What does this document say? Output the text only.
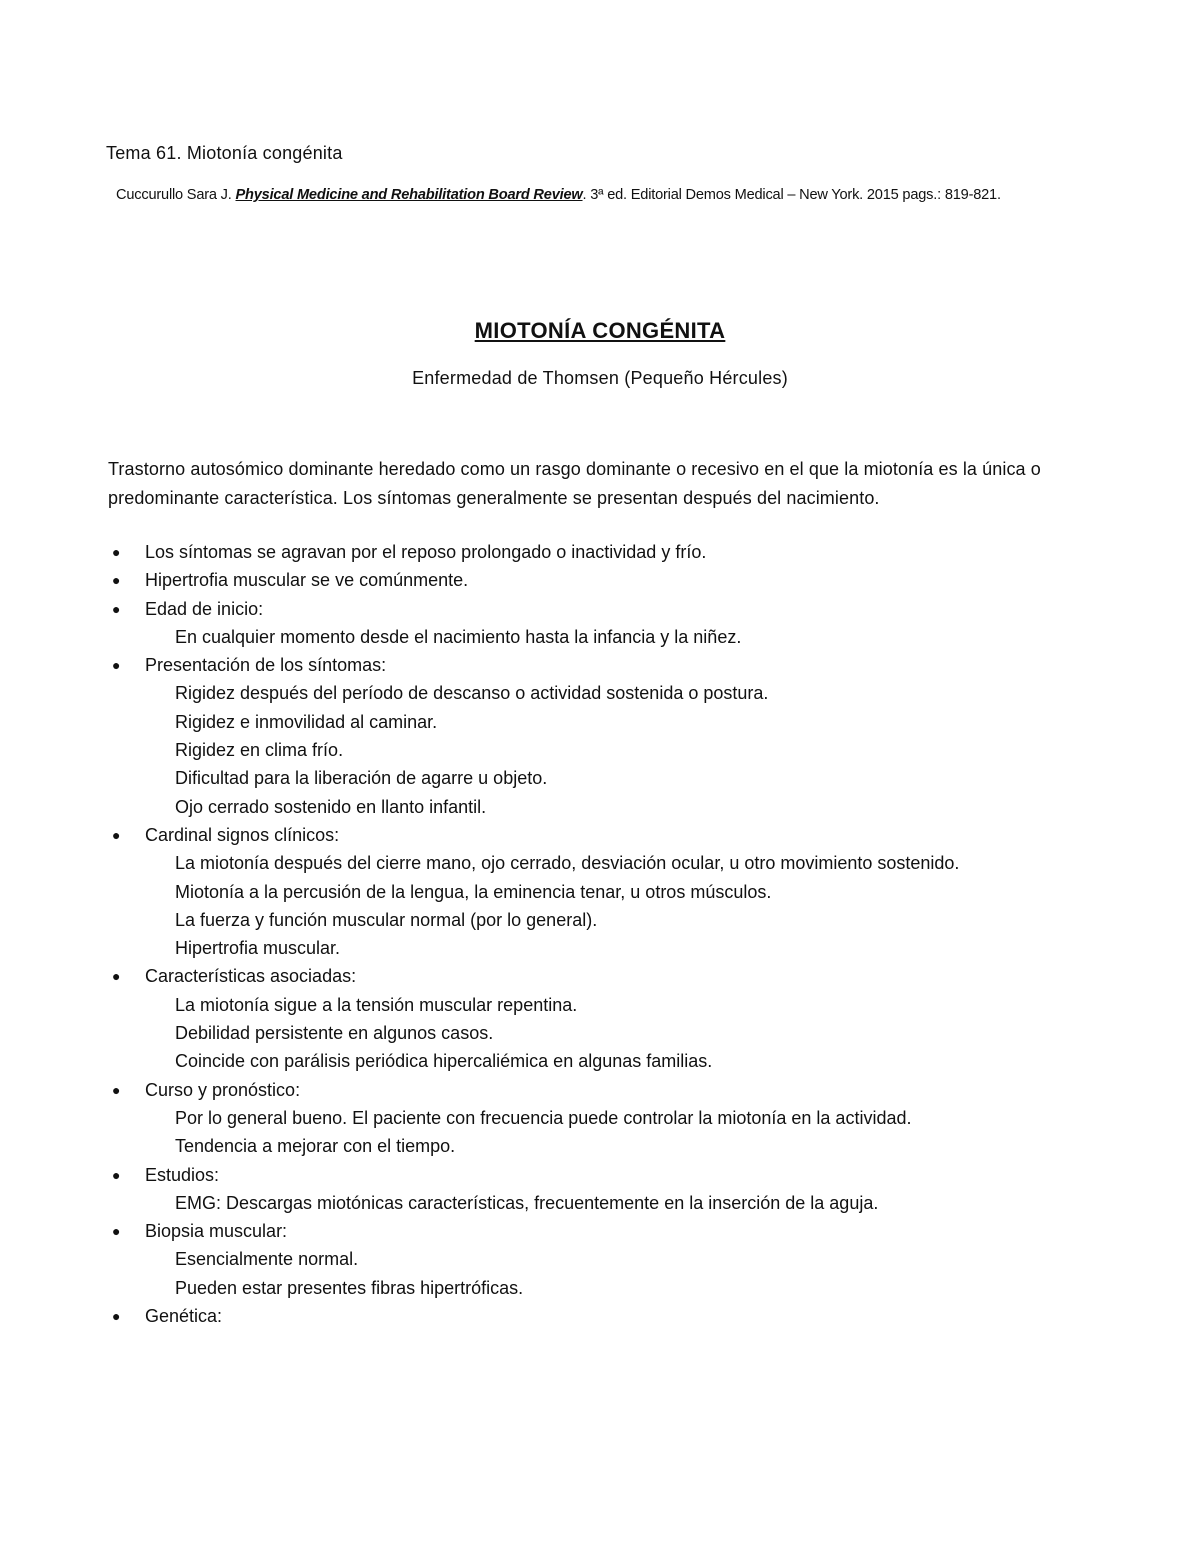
Tema 61. Miotonía congénita
Cuccurullo Sara J. Physical Medicine and Rehabilitation Board Review. 3ª ed. Editorial Demos Medical – New York. 2015 pags.: 819-821.
MIOTONÍA CONGÉNITA
Enfermedad de Thomsen (Pequeño Hércules)
Trastorno autosómico dominante heredado como un rasgo dominante o recesivo en el que la miotonía es la única o predominante característica. Los síntomas generalmente se presentan después del nacimiento.
● Los síntomas se agravan por el reposo prolongado o inactividad y frío.
● Hipertrofia muscular se ve comúnmente.
● Edad de inicio:
En cualquier momento desde el nacimiento hasta la infancia y la niñez.
● Presentación de los síntomas:
Rigidez después del período de descanso o actividad sostenida o postura.
Rigidez e inmovilidad al caminar.
Rigidez en clima frío.
Dificultad para la liberación de agarre u objeto.
Ojo cerrado sostenido en llanto infantil.
● Cardinal signos clínicos:
La miotonía después del cierre mano, ojo cerrado, desviación ocular, u otro movimiento sostenido.
Miotonía a la percusión de la lengua, la eminencia tenar, u otros músculos.
La fuerza y función muscular normal (por lo general).
Hipertrofia muscular.
● Características asociadas:
La miotonía sigue a la tensión muscular repentina.
Debilidad persistente en algunos casos.
Coincide con parálisis periódica hipercaliémica en algunas familias.
● Curso y pronóstico:
Por lo general bueno. El paciente con frecuencia puede controlar la miotonía en la actividad.
Tendencia a mejorar con el tiempo.
● Estudios:
EMG: Descargas miotónicas características, frecuentemente en la inserción de la aguja.
● Biopsia muscular:
Esencialmente normal.
Pueden estar presentes fibras hipertróficas.
● Genética:
